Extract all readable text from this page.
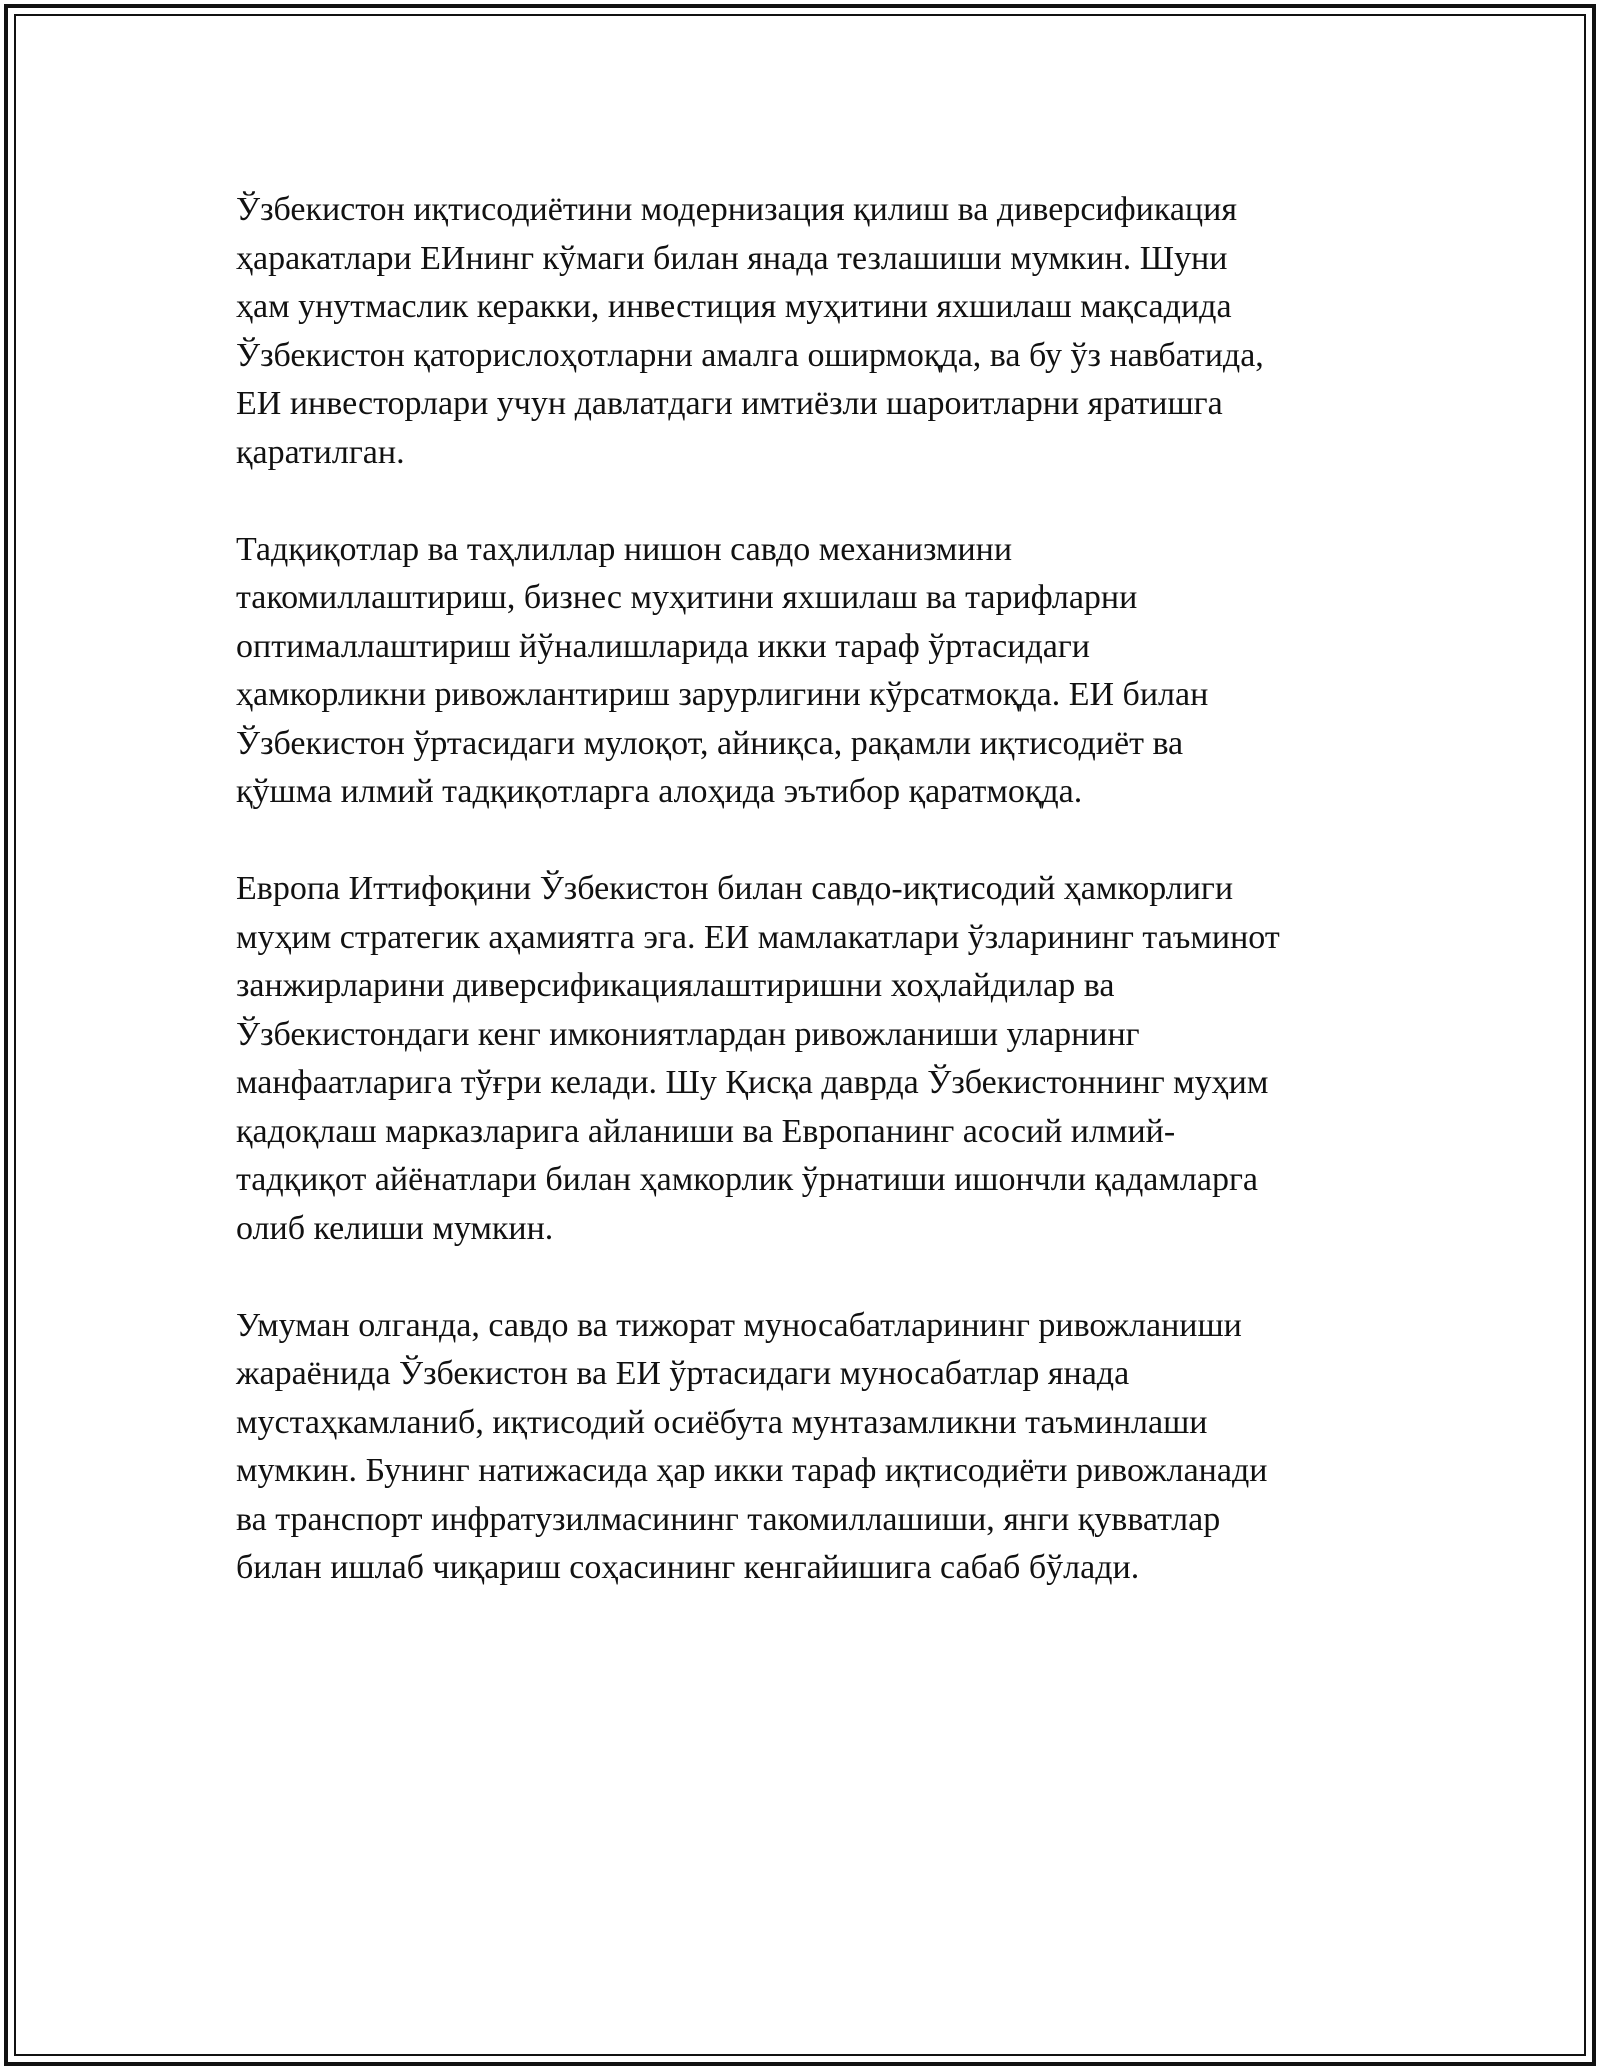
Ўзбекистон иқтисодиётини модернизация қилиш ва диверсификация
ҳаракатлари ЕИнинг кўмаги билан янада тезлашиши мумкин. Шуни
ҳам унутмаслик керакки, инвестиция муҳитини яхшилаш мақсадида
Ўзбекистон қаторислоҳотларни амалга оширмоқда, ва бу ўз навбатида,
ЕИ инвесторлари учун давлатдаги имтиёзли шароитларни яратишга
қаратилган.

Тадқиқотлар ва таҳлиллар нишон савдо механизмини
такомиллаштириш, бизнес муҳитини яхшилаш ва тарифларни
оптималлаштириш йўналишларида икки тараф ўртасидаги
ҳамкорликни ривожлантириш зарурлигини кўрсатмоқда. ЕИ билан
Ўзбекистон ўртасидаги мулоқот, айниқса, рақамли иқтисодиёт ва
қўшма илмий тадқиқотларга алоҳида эътибор қаратмоқда.

Европа Иттифоқини Ўзбекистон билан савдо-иқтисодий ҳамкорлиги
муҳим стратегик аҳамиятга эга. ЕИ мамлакатлари ўзларининг таъминот
занжирларини диверсификациялаштиришни хоҳлайдилар ва
Ўзбекистондаги кенг имкониятлардан ривожланиши уларнинг
манфаатларига тўғри келади. Шу Қисқа даврда Ўзбекистоннинг муҳим
қадоқлаш марказларига айланиши ва Европанинг асосий илмий-
тадқиқот айёнатлари билан ҳамкорлик ўрнатиши ишончли қадамларга
олиб келиши мумкин.

Умуман олганда, савдо ва тижорат муносабатларининг ривожланиши
жараёнида Ўзбекистон ва ЕИ ўртасидаги муносабатлар янада
мустаҳкамланиб, иқтисодий осиёбута мунтазамликни таъминлаши
мумкин. Бунинг натижасида ҳар икки тараф иқтисодиёти ривожланади
ва транспорт инфратузилмасининг такомиллашиши, янги қувватлар
билан ишлаб чиқариш соҳасининг кенгайишига сабаб бўлади.
